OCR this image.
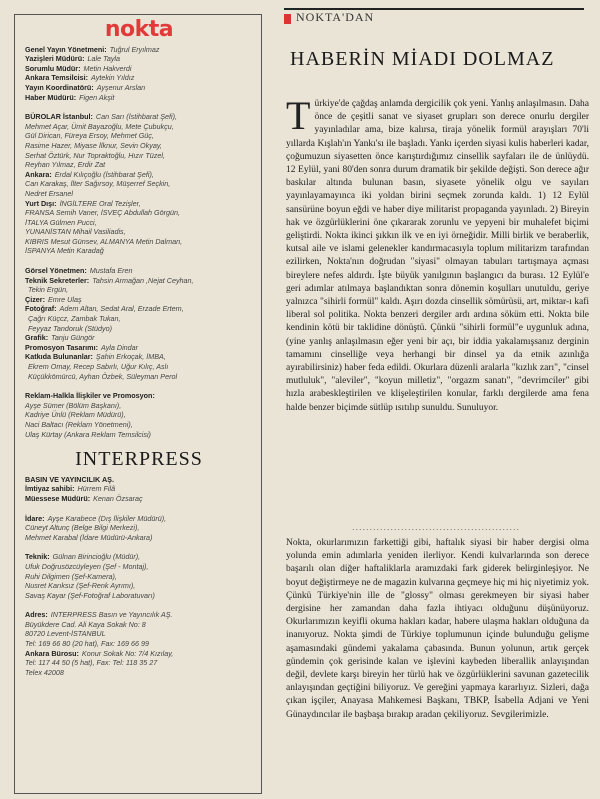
nokta
Genel Yayın Yönetmeni: Tuğrul Eryılmaz
Yazişleri Müdürü: Lale Tayla
Sorumlu Müdür: Metin Hakverdi
Ankara Temsilcisi: Aytekin Yıldız
Yayın Koordinatörü: Ayşenur Arslan
Haber Müdürü: Figen Akşit
BÜROLAR İstanbul: Can Sarı (İstihbarat Şefi),
Mehmet Açar, Ümit Bayazoğlu, Mete Çubukçu,
Gül Dirican, Füreya Ersoy, Mehmet Güç,
Rasime Hazer, Miyase İlknur, Sevin Okyay,
Serhat Öztürk, Nur Topraktoğlu, Hızır Tüzel,
Reyhan Yılmaz, Erdir Zat
Ankara: Erdal Kılıçoğlu (İstihbarat Şefi),
Can Karakaş, İlter Sağırsoy, Müşerref Seçkin,
Nedret Ersanel
Yurt Dışı: İNGİLTERE Oral Tezişler,
FRANSA Semih Vaner, İSVEÇ Abdullah Görgün,
İTALYA Gülmen Pucci,
YUNANİSTAN Mihail Vasiliadis,
KIBRIS Mesut Günsev, ALMANYA Metin Dalman,
İSPANYA Metin Karadağ
Görsel Yönetmen: Mustafa Eren
Teknik Sekreterler: Tahsin Armağan ,Nejat Ceyhan,
Tekin Ergün,
Çizer: Emre Ulaş
Fotoğraf: Adem Altan, Sedat Aral, Erzade Ertem,
Çağrı Küçcz, Zambak Tukan,
Feyyaz Tandoruk (Stüdyo)
Grafik: Tanju Güngör
Promosyon Tasarımı: Ayla Dindar
Katkıda Bulunanlar: Şahin Erkoçak, İMBA,
Ekrem Omay, Recep Sabırlı, Uğur Kılıç, Aslı
Küçükkömürcü, Ayhan Özbek, Süleyman Perol
Reklam-Halkla İlişkiler ve Promosyon:
Ayşe Sümer (Bölüm Başkanı),
Kadriye Ünlü (Reklam Müdürü),
Naci Baltacı (Reklam Yönetmeni),
Ulaş Kürtay (Ankara Reklam Temsilcisi)
INTERPRESS
BASIN VE YAYINCILIK AŞ.
İmtiyaz sahibi: Hürrem Filâ
Müessese Müdürü: Kenan Özsaraç
İdare: Ayşe Karabece (Dış İlişkiler Müdürü),
Cüneyt Altunç (Belge Bilgi Merkezi),
Mehmet Karabal (İdare Müdürü-Ankara)
Teknik: Gülnan Birincioğlu (Müdür),
Ufuk Doğrusözcüyleyen (Şef - Montaj),
Ruhi Dilgimen (Şef-Kamera),
Nusret Karıksız (Şef-Renk Ayrımı),
Savaş Kayar (Şef-Fotoğraf Laboratuvarı)
Adres: INTERPRESS Basın ve Yayıncılık AŞ.
Büyükdere Cad. Ali Kaya Sokak No: 8
80720 Levent-İSTANBUL
Tel: 169 66 80 (20 hat), Fax: 169 66 99
Ankara Bürosu: Konur Sokak No: 7/4 Kızılay,
Tel: 117 44 50 (5 hat), Fax: Tel: 118 35 27
Telex 42008
NOKTA'DAN
HABERİN MİADI DOLMAZ
T ürkiye'de çağdaş anlamda dergicilik çok yeni. Yanlış anlaşılmasın. Daha önce de çeşitli sanat ve siyaset grupları son derece onurlu dergiler yayınladılar ama, bize kalırsa, tiraja yönelik formül arayışları 70'li yıllarda Kışlah'ın Yankı'sı ile başladı. Yankı içerden siyasi kulis haberleri kadar, çoğumuzun siyasetten önce karıştırdığımız cinsellik sayfaları ile de ünlüydü. 12 Eylül, yani 80'den sonra durum dramatik bir şekilde değişti. Son derece ağır baskılar altında bulunan basın, siyasete yönelik olgu ve sayıları yayınlayamayınca iki yoldan birini seçmek zorunda kaldı. 1) 12 Eylül sansürüne boyun eğdi ve haber diye militarist propaganda yayınladı. 2) Bireyin hak ve özgürlüklerini öne çıkararak zorunlu ve yepyeni bir muhalefet biçimi geliştirdi. Nokta ikinci şıkkın ilk ve en iyi örneğidir. Milli birlik ve beraberlik, kutsal aile ve islami gelenekler kandırmacasıyla toplum militarizm tarafından ezilirken, Nokta'nın doğrudan "siyasi" olmayan tabuları tartışmaya açması bireylere nefes aldırdı. İşte büyük yanılgının başlangıcı da burası. 12 Eylül'e geri adımlar atılmaya başlandıktan sonra dönemin koşulları unutuldu, geriye yalnızca "sihirli formül" kaldı. Aşırı dozda cinsellik sömürüsü, art, miktar-ı kafi liberal sol politika. Nokta benzeri dergiler ardı ardına söküm etti. Nokta bile kendinin kötü bir taklidine dönüştü. Çünkü "sihirli formül"e uygunluk adına, (yine yanlış anlaşılmasın eğer yeni bir açı, bir iddia yakalamışsanız derginin tamamını cinselliğe veya herhangi bir dinsel ya da etnik azınlığa ayırabilirsiniz) haber feda edildi. Okurlara düzenli aralarla "kızlık zarı", "cinsel mutluluk", "aleviler", "koyun milletiz", "orgazm sanatı", "devrimciler" gibi hızla arabeskleştirilen ve klişeleştirilen konular, farklı dergilerde ama fena halde benzer biçimde sütlüp ısıtılıp sunuldu. Sunuluyor.
................................................
Nokta, okurlarımızın farkettiği gibi, haftalık siyasi bir haber dergisi olma yolunda emin adımlarla yeniden ilerliyor. Kendi kulvarlarında son derece başarılı olan diğer haftaliklarla aramızdaki fark giderek belirginleşiyor. Ne boyut değiştirmeye ne de magazin kulvarına geçmeye hiç mi hiç niyetimiz yok. Çünkü Türkiye'nin ille de "glossy" olması gerekmeyen bir siyasi haber dergisine her zamandan daha fazla ihtiyacı olduğunu düşünüyoruz. Okurlarımızın keyifli okuma hakları kadar, habere ulaşma hakları olduğuna da inanıyoruz. Nokta şimdi de Türkiye toplumunun içinde bulunduğu gelişme aşamasındaki gündemi yakalama çabasında. Bunun yolunun, artık gerçek gündemin çok gerisinde kalan ve işlevini kaybeden liberallik anlayışından değil, devlete karşı bireyin her türlü hak ve özgürlüklerini savunan gazetecilik anlayışından geçtiğini biliyoruz. Ve gereğini yapmaya kararlıyız. Sizleri, dağa çıkan işçiler, Anayasa Mahkemesi Başkanı, TBKP, İsabella Adjani ve Yeni Günaydıncılar ile başbaşa bırakıp aradan çekiliyoruz. Sevgilerimizle.
